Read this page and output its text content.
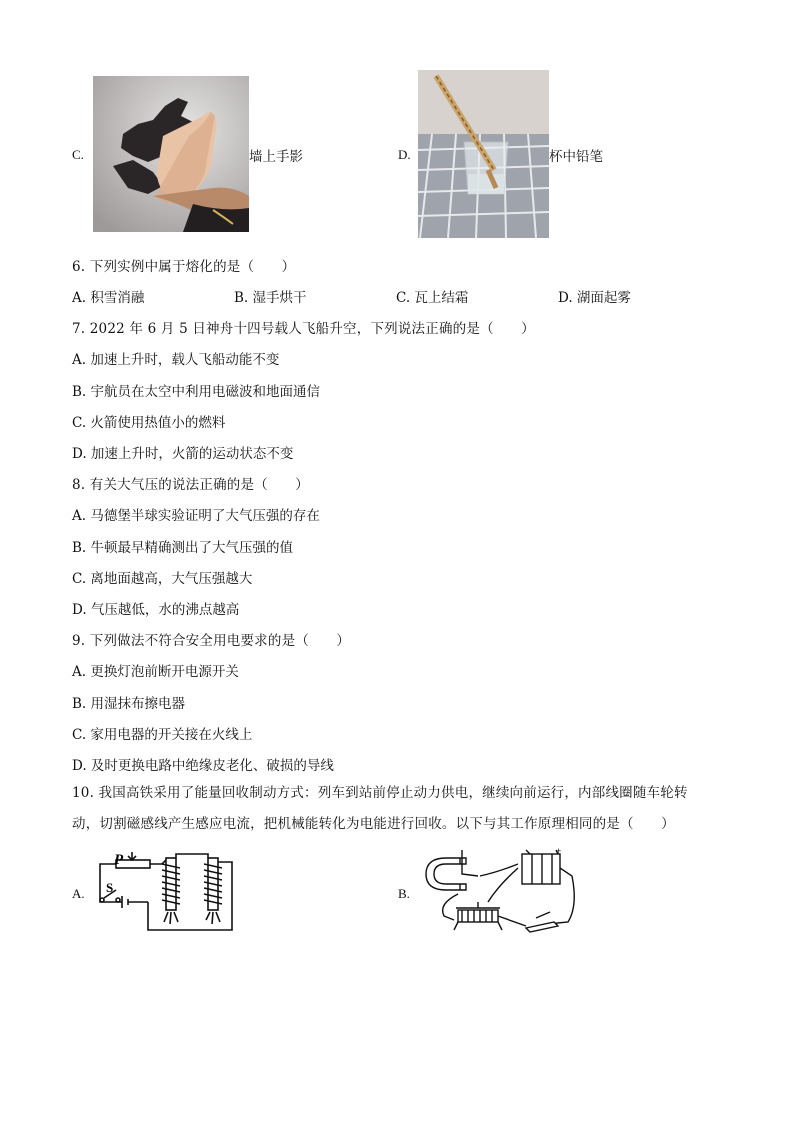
C.	墙上手影	D.	杯中铅笔
6. 下列实例中属于熔化的是（　　）
A. 积雪消融	B. 湿手烘干	C. 瓦上结霜	D. 湖面起雾
7. 2022 年 6 月 5 日神舟十四号载人飞船升空，下列说法正确的是（　　）
A. 加速上升时，载人飞船动能不变
B. 宇航员在太空中利用电磁波和地面通信
C. 火箭使用热值小的燃料
D. 加速上升时，火箭的运动状态不变
8. 有关大气压的说法正确的是（　　）
A. 马德堡半球实验证明了大气压强的存在
B. 牛顿最早精确测出了大气压强的值
C. 离地面越高，大气压强越大
D. 气压越低，水的沸点越高
9. 下列做法不符合安全用电要求的是（　　）
A. 更换灯泡前断开电源开关
B. 用湿抹布擦电器
C. 家用电器的开关接在火线上
D. 及时更换电路中绝缘皮老化、破损的导线
10. 我国高铁采用了能量回收制动方式：列车到站前停止动力供电，继续向前运行，内部线圈随车轮转动，切割磁感线产生感应电流，把机械能转化为电能进行回收。以下与其工作原理相同的是（　　）
A.
P
S	B.
+
